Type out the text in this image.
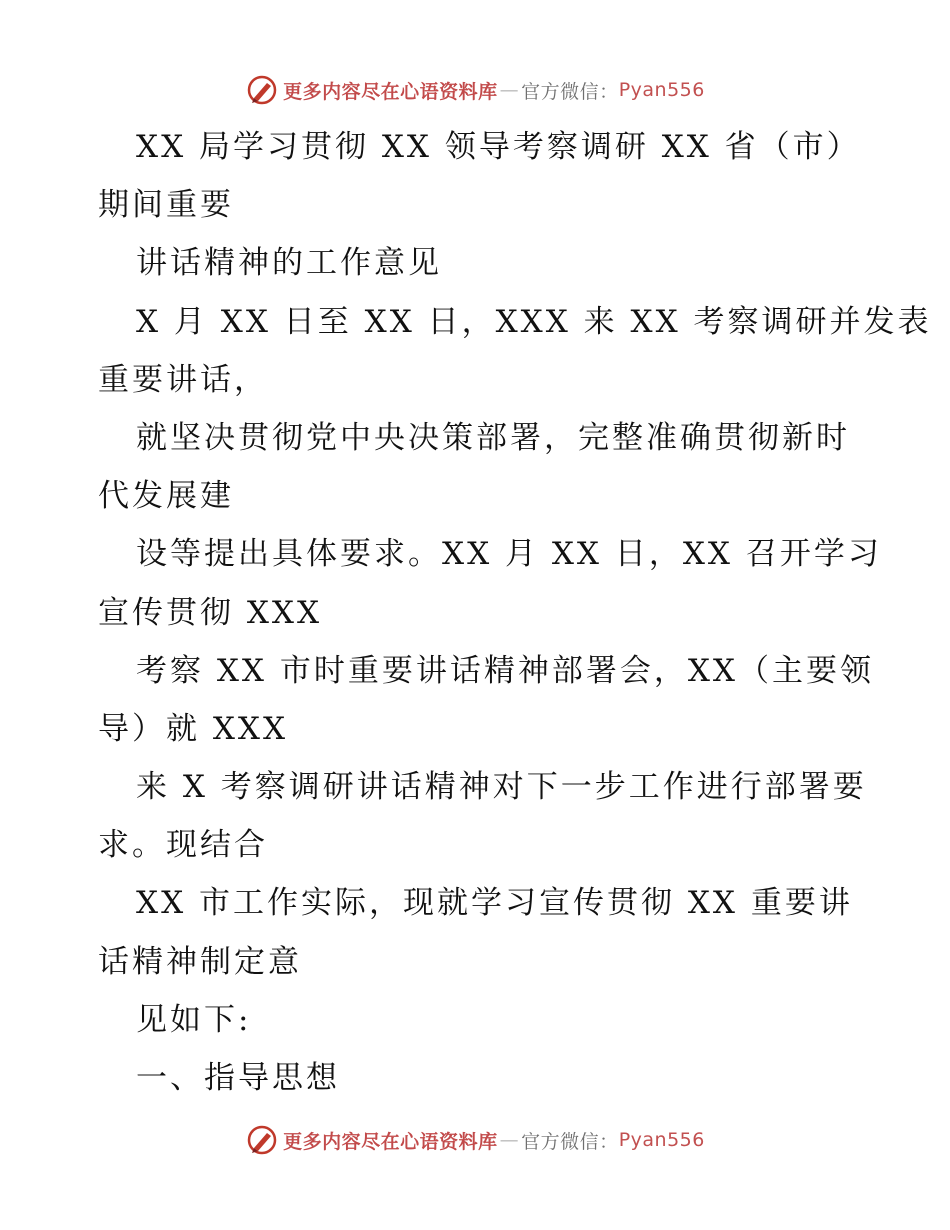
更多内容尽在心语资料库 — 官方微信 ： Pyan556
XX 局学习贯彻 XX 领导考察调研 XX 省（市）
期间重要
讲话精神的工作意见
X 月 XX 日至 XX 日，XXX 来 XX 考察调研并发表
重要讲话，
就坚决贯彻党中央决策部署，完整准确贯彻新时
代发展建
设等提出具体要求。XX 月 XX 日，XX 召开学习
宣传贯彻 XXX
考察 XX 市时重要讲话精神部署会，XX（主要领
导）就 XXX
来 X 考察调研讲话精神对下一步工作进行部署要
求。现结合
XX 市工作实际，现就学习宣传贯彻 XX 重要讲
话精神制定意
见如下:
一、指导思想
更多内容尽在心语资料库 — 官方微信 ： Pyan556
